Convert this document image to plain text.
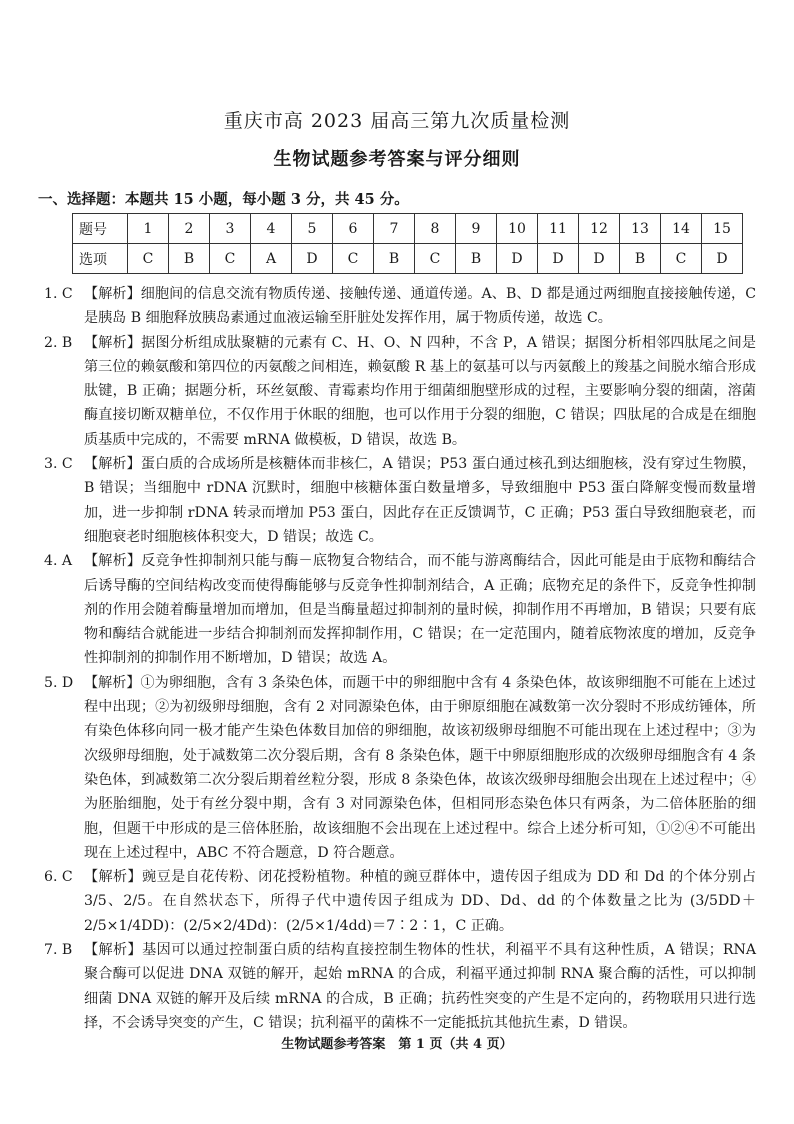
重庆市高 2023 届高三第九次质量检测
生物试题参考答案与评分细则
一、选择题：本题共 15 小题，每小题 3 分，共 45 分。
题号	1	2	3	4	5	6	7	8	9	10	11	12	13	14	15
选项	C	B	C	A	D	C	B	C	B	D	D	D	B	C	D
1. C 【解析】细胞间的信息交流有物质传递、接触传递、通道传递。A、B、D 都是通过两细胞直接接触传递，C 是胰岛 B 细胞释放胰岛素通过血液运输至肝脏处发挥作用，属于物质传递，故选 C。
2. B 【解析】据图分析组成肽聚糖的元素有 C、H、O、N 四种，不含 P，A 错误；据图分析相邻四肽尾之间是第三位的赖氨酸和第四位的丙氨酸之间相连，赖氨酸 R 基上的氨基可以与丙氨酸上的羧基之间脱水缩合形成肽键，B 正确；据题分析，环丝氨酸、青霉素均作用于细菌细胞壁形成的过程，主要影响分裂的细菌，溶菌酶直接切断双糖单位，不仅作用于休眠的细胞，也可以作用于分裂的细胞，C 错误；四肽尾的合成是在细胞质基质中完成的，不需要 mRNA 做模板，D 错误，故选 B。
3. C 【解析】蛋白质的合成场所是核糖体而非核仁，A 错误；P53 蛋白通过核孔到达细胞核，没有穿过生物膜，B 错误；当细胞中 rDNA 沉默时，细胞中核糖体蛋白数量增多，导致细胞中 P53 蛋白降解变慢而数量增加，进一步抑制 rDNA 转录而增加 P53 蛋白，因此存在正反馈调节，C 正确；P53 蛋白导致细胞衰老，而细胞衰老时细胞核体积变大，D 错误；故选 C。
4. A 【解析】反竞争性抑制剂只能与酶－底物复合物结合，而不能与游离酶结合，因此可能是由于底物和酶结合后诱导酶的空间结构改变而使得酶能够与反竞争性抑制剂结合，A 正确；底物充足的条件下，反竞争性抑制剂的作用会随着酶量增加而增加，但是当酶量超过抑制剂的量时候，抑制作用不再增加，B 错误；只要有底物和酶结合就能进一步结合抑制剂而发挥抑制作用，C 错误；在一定范围内，随着底物浓度的增加，反竞争性抑制剂的抑制作用不断增加，D 错误；故选 A。
5. D 【解析】①为卵细胞，含有 3 条染色体，而题干中的卵细胞中含有 4 条染色体，故该卵细胞不可能在上述过程中出现；②为初级卵母细胞，含有 2 对同源染色体，由于卵原细胞在减数第一次分裂时不形成纺锤体，所有染色体移向同一极才能产生染色体数目加倍的卵细胞，故该初级卵母细胞不可能出现在上述过程中；③为次级卵母细胞，处于减数第二次分裂后期，含有 8 条染色体，题干中卵原细胞形成的次级卵母细胞含有 4 条染色体，到减数第二次分裂后期着丝粒分裂，形成 8 条染色体，故该次级卵母细胞会出现在上述过程中；④为胚胎细胞，处于有丝分裂中期，含有 3 对同源染色体，但相同形态染色体只有两条，为二倍体胚胎的细胞，但题干中形成的是三倍体胚胎，故该细胞不会出现在上述过程中。综合上述分析可知，①②④不可能出现在上述过程中，ABC 不符合题意，D 符合题意。
6. C 【解析】豌豆是自花传粉、闭花授粉植物。种植的豌豆群体中，遗传因子组成为 DD 和 Dd 的个体分别占 3/5、2/5。在自然状态下，所得子代中遗传因子组成为 DD、Dd、dd 的个体数量之比为 (3/5DD＋2/5×1/4DD)：(2/5×2/4Dd)：(2/5×1/4dd)＝7∶2∶1，C 正确。
7. B 【解析】基因可以通过控制蛋白质的结构直接控制生物体的性状，利福平不具有这种性质，A 错误；RNA 聚合酶可以促进 DNA 双链的解开，起始 mRNA 的合成，利福平通过抑制 RNA 聚合酶的活性，可以抑制细菌 DNA 双链的解开及后续 mRNA 的合成，B 正确；抗药性突变的产生是不定向的，药物联用只进行选择，不会诱导突变的产生，C 错误；抗利福平的菌株不一定能抵抗其他抗生素，D 错误。
生物试题参考答案　第 1 页（共 4 页）
